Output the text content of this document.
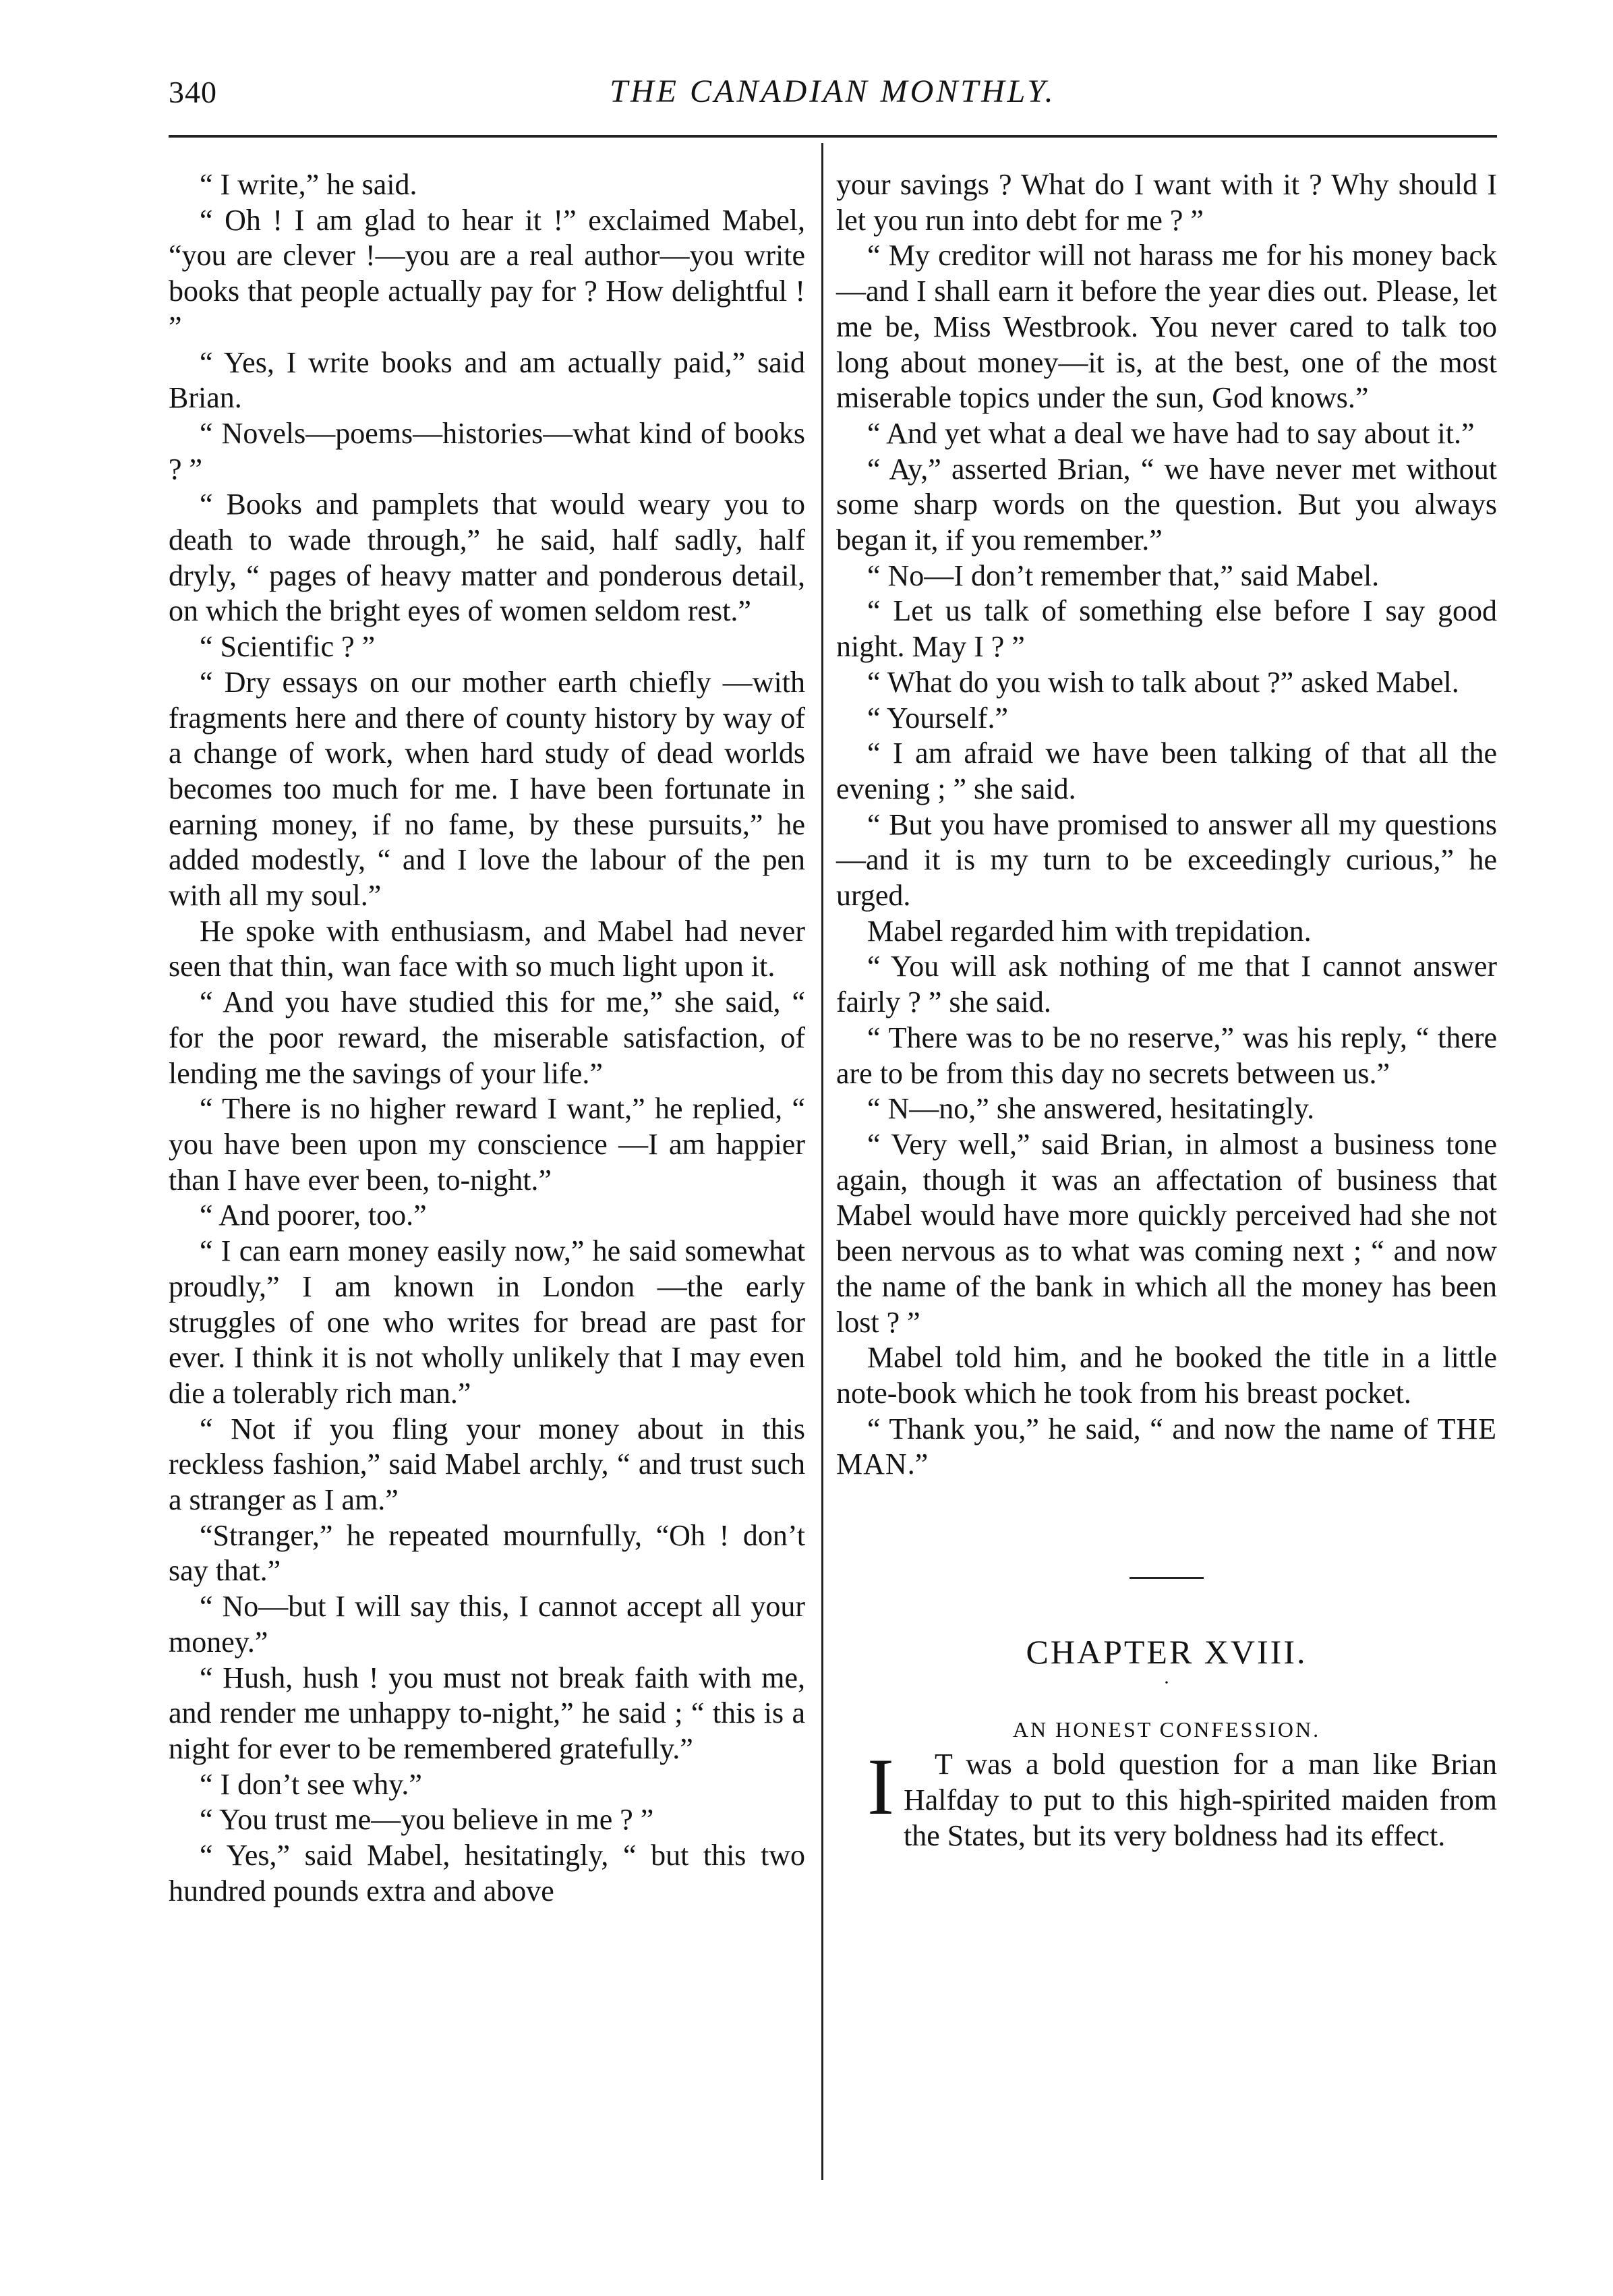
340	THE CANADIAN MONTHLY.

“ I write,” he said.

“ Oh ! I am glad to hear it !” exclaimed Mabel, “you are clever !—you are a real author—you write books that people actually pay for ? How delightful ! ”

“ Yes, I write books and am actually paid,” said Brian.

“ Novels—poems—histories—what kind of books ? ”

“ Books and pamplets that would weary you to death to wade through,” he said, half sadly, half dryly, “ pages of heavy matter and ponderous detail, on which the bright eyes of women seldom rest.”

“ Scientific ? ”

“ Dry essays on our mother earth chiefly —with fragments here and there of county history by way of a change of work, when hard study of dead worlds becomes too much for me. I have been fortunate in earning money, if no fame, by these pursuits,” he added modestly, “ and I love the labour of the pen with all my soul.”

He spoke with enthusiasm, and Mabel had never seen that thin, wan face with so much light upon it.

“ And you have studied this for me,” she said, “ for the poor reward, the miserable satisfaction, of lending me the savings of your life.”

“ There is no higher reward I want,” he replied, “ you have been upon my conscience —I am happier than I have ever been, to-night.”

“ And poorer, too.”

“ I can earn money easily now,” he said somewhat proudly,” I am known in London —the early struggles of one who writes for bread are past for ever. I think it is not wholly unlikely that I may even die a tolerably rich man.”

“ Not if you fling your money about in this reckless fashion,” said Mabel archly, “ and trust such a stranger as I am.”

“Stranger,” he repeated mournfully, “Oh ! don’t say that.”

“ No—but I will say this, I cannot accept all your money.”

“ Hush, hush ! you must not break faith with me, and render me unhappy to-night,” he said ; “ this is a night for ever to be remembered gratefully.”

“ I don’t see why.”

“ You trust me—you believe in me ? ”

“ Yes,” said Mabel, hesitatingly, “ but this two hundred pounds extra and above

your savings ? What do I want with it ? Why should I let you run into debt for me ? ”

“ My creditor will not harass me for his money back—and I shall earn it before the year dies out. Please, let me be, Miss Westbrook. You never cared to talk too long about money—it is, at the best, one of the most miserable topics under the sun, God knows.”

“ And yet what a deal we have had to say about it.”

“ Ay,” asserted Brian, “ we have never met without some sharp words on the question. But you always began it, if you remember.”

“ No—I don’t remember that,” said Mabel.

“ Let us talk of something else before I say good night. May I ? ”

“ What do you wish to talk about ?” asked Mabel.

“ Yourself.”

“ I am afraid we have been talking of that all the evening ; ” she said.

“ But you have promised to answer all my questions—and it is my turn to be exceedingly curious,” he urged.

Mabel regarded him with trepidation.

“ You will ask nothing of me that I cannot answer fairly ? ” she said.

“ There was to be no reserve,” was his reply, “ there are to be from this day no secrets between us.”

“ N—no,” she answered, hesitatingly.

“ Very well,” said Brian, in almost a business tone again, though it was an affectation of business that Mabel would have more quickly perceived had she not been nervous as to what was coming next ; “ and now the name of the bank in which all the money has been lost ? ”

Mabel told him, and he booked the title in a little note-book which he took from his breast pocket.

“ Thank you,” he said, “ and now the name of THE MAN.”

CHAPTER XVIII.
·
AN HONEST CONFESSION.

I T was a bold question for a man like Brian Halfday to put to this high-spirited maiden from the States, but its very boldness had its effect.
